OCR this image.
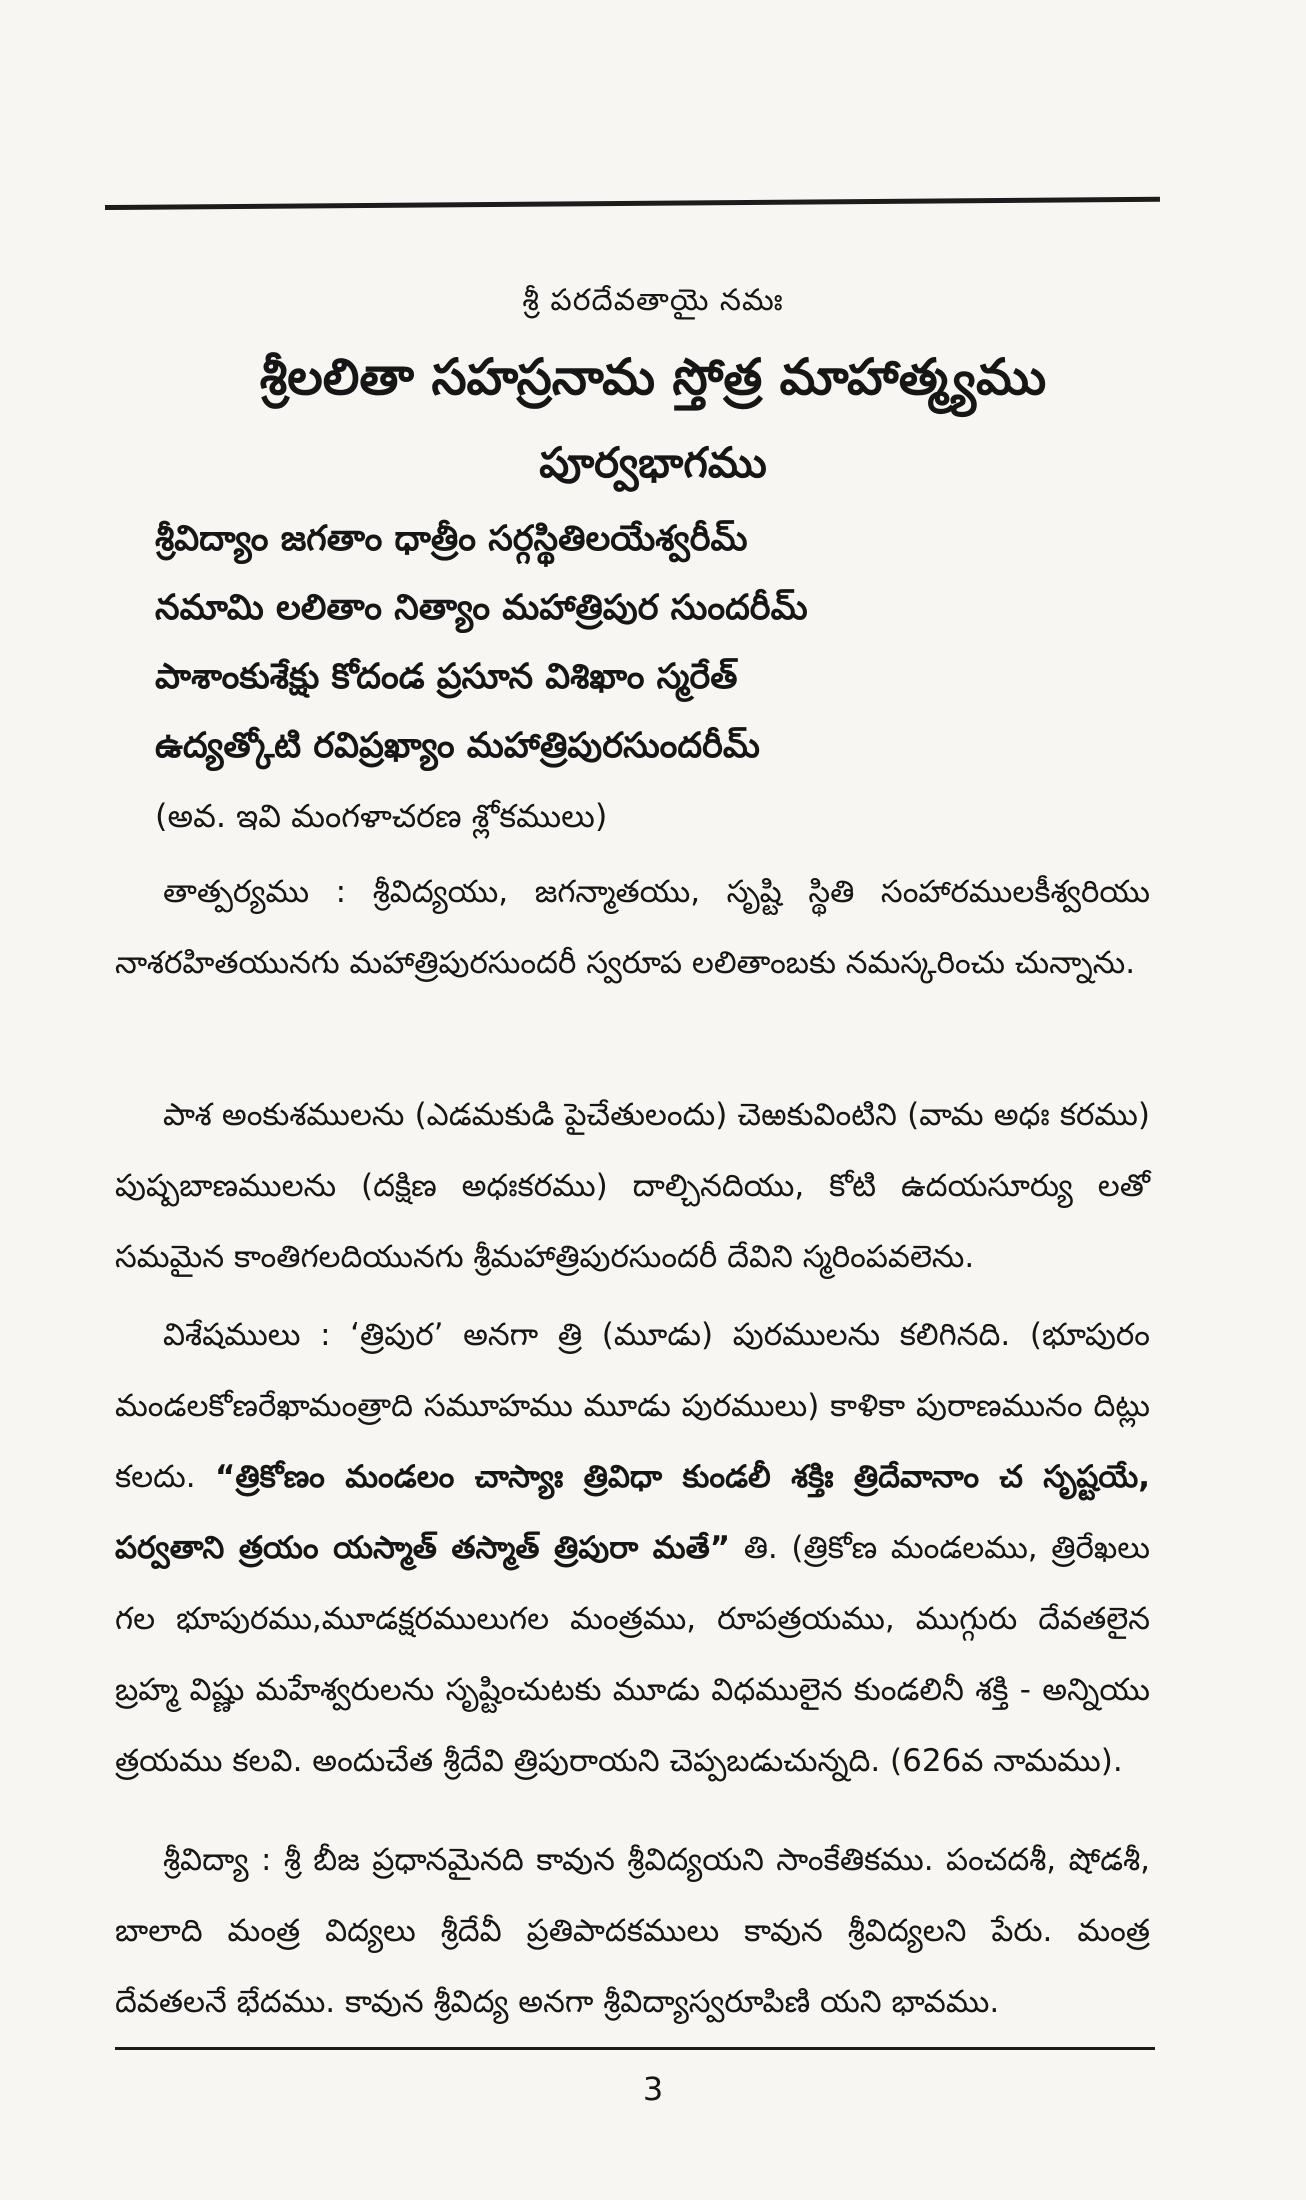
శ్రీ పరదేవతాయై నమః
శ్రీలలితా సహస్రనామ స్తోత్ర మాహాత్మ్యము
పూర్వభాగము
శ్రీవిద్యాం జగతాం ధాత్రీం సర్గస్థితిలయేశ్వరీమ్
నమామి లలితాం నిత్యాం మహాత్రిపుర సుందరీమ్
పాశాంకుశేక్షు కోదండ ప్రసూన విశిఖాం స్మరేత్
ఉద్యత్కోటి రవిప్రఖ్యాం మహాత్రిపురసుందరీమ్
(అవ. ఇవి మంగళాచరణ శ్లోకములు)
తాత్పర్యము : శ్రీవిద్యయు, జగన్మాతయు, సృష్టి స్థితి సంహారములకీశ్వరియు నాశరహితయునగు మహాత్రిపురసుందరీ స్వరూప లలితాంబకు నమస్కరించు చున్నాను.
పాశ అంకుశములను (ఎడమకుడి పైచేతులందు) చెఱకువింటిని (వామ అధః కరము) పుష్పబాణములను (దక్షిణ అధఃకరము) దాల్చినదియు, కోటి ఉదయసూర్యు లతో సమమైన కాంతిగలదియునగు శ్రీమహాత్రిపురసుందరీ దేవిని స్మరింపవలెను.
విశేషములు : ‘త్రిపుర’ అనగా త్రి (మూడు) పురములను కలిగినది. (భూపురం మండలకోణరేఖామంత్రాది సమూహము మూడు పురములు) కాళికా పురాణమునం దిట్లు కలదు. “త్రికోణం మండలం చాస్యాః త్రివిధా కుండలీ శక్తిః త్రిదేవానాం చ సృష్టయే, పర్వతాని త్రయం యస్మాత్ తస్మాత్ త్రిపురా మతే” తి. (త్రికోణ మండలము, త్రిరేఖలు గల భూపురము,మూడక్షరములుగల మంత్రము, రూపత్రయము, ముగ్గురు దేవతలైన బ్రహ్మ విష్ణు మహేశ్వరులను సృష్టించుటకు మూడు విధములైన కుండలినీ శక్తి - అన్నియు త్రయము కలవి. అందుచేత శ్రీదేవి త్రిపురాయని చెప్పబడుచున్నది. (626వ నామము).
శ్రీవిద్యా : శ్రీ బీజ ప్రధానమైనది కావున శ్రీవిద్యయని సాంకేతికము. పంచదశీ, షోడశీ, బాలాది మంత్ర విద్యలు శ్రీదేవీ ప్రతిపాదకములు కావున శ్రీవిద్యలని పేరు. మంత్ర దేవతలనే భేదము. కావున శ్రీవిద్య అనగా శ్రీవిద్యాస్వరూపిణి యని భావము.
3
